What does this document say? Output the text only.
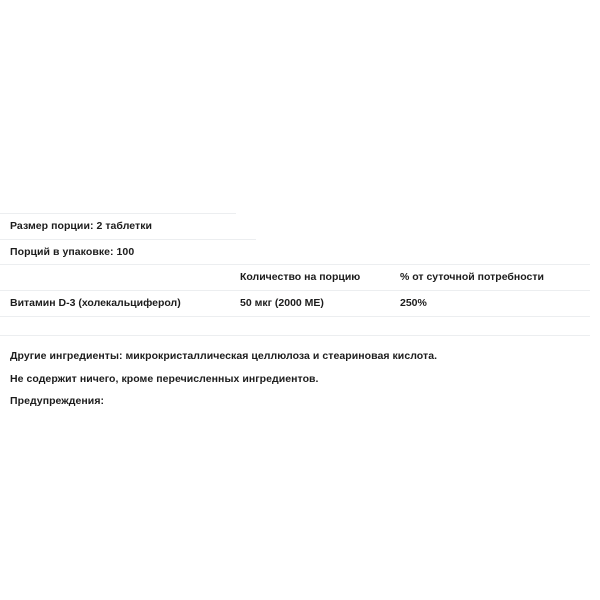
Размер порции: 2 таблетки
Порций в упаковке: 100
	Количество на порцию	% от суточной потребности
Витамин D-3 (холекальциферол)	50 мкг (2000 МЕ)	250%
Другие ингредиенты: микрокристаллическая целлюлоза и стеариновая кислота.
Не содержит ничего, кроме перечисленных ингредиентов.
Предупреждения:
